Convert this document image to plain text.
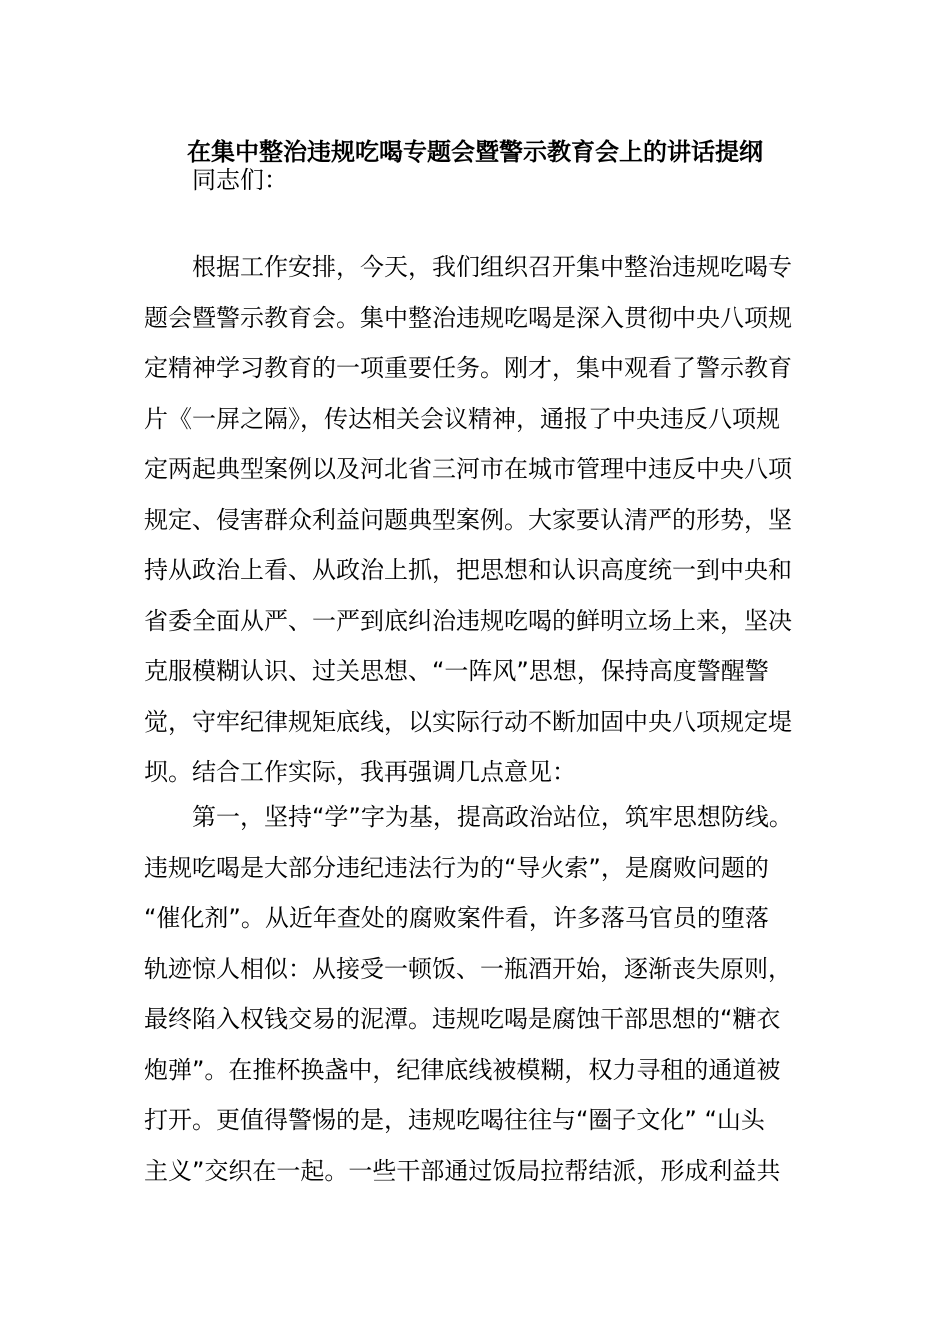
在集中整治违规吃喝专题会暨警示教育会上的讲话提纲
同志们：
根据工作安排，今天，我们组织召开集中整治违规吃喝专
题会暨警示教育会。集中整治违规吃喝是深入贯彻中央八项规
定精神学习教育的一项重要任务。刚才，集中观看了警示教育
片《一屏之隔》，传达相关会议精神，通报了中央违反八项规
定两起典型案例以及河北省三河市在城市管理中违反中央八项
规定、侵害群众利益问题典型案例。大家要认清严的形势，坚
持从政治上看、从政治上抓，把思想和认识高度统一到中央和
省委全面从严、一严到底纠治违规吃喝的鲜明立场上来，坚决
克服模糊认识、过关思想、“一阵风”思想，保持高度警醒警
觉，守牢纪律规矩底线，以实际行动不断加固中央八项规定堤
坝。结合工作实际，我再强调几点意见：
第一，坚持“学”字为基，提高政治站位，筑牢思想防线。
违规吃喝是大部分违纪违法行为的“导火索”，是腐败问题的
“催化剂”。从近年查处的腐败案件看，许多落马官员的堕落
轨迹惊人相似：从接受一顿饭、一瓶酒开始，逐渐丧失原则，
最终陷入权钱交易的泥潭。违规吃喝是腐蚀干部思想的“糖衣
炮弹”。在推杯换盏中，纪律底线被模糊，权力寻租的通道被
打开。更值得警惕的是，违规吃喝往往与“圈子文化” “山头
主义”交织在一起。一些干部通过饭局拉帮结派，形成利益共
